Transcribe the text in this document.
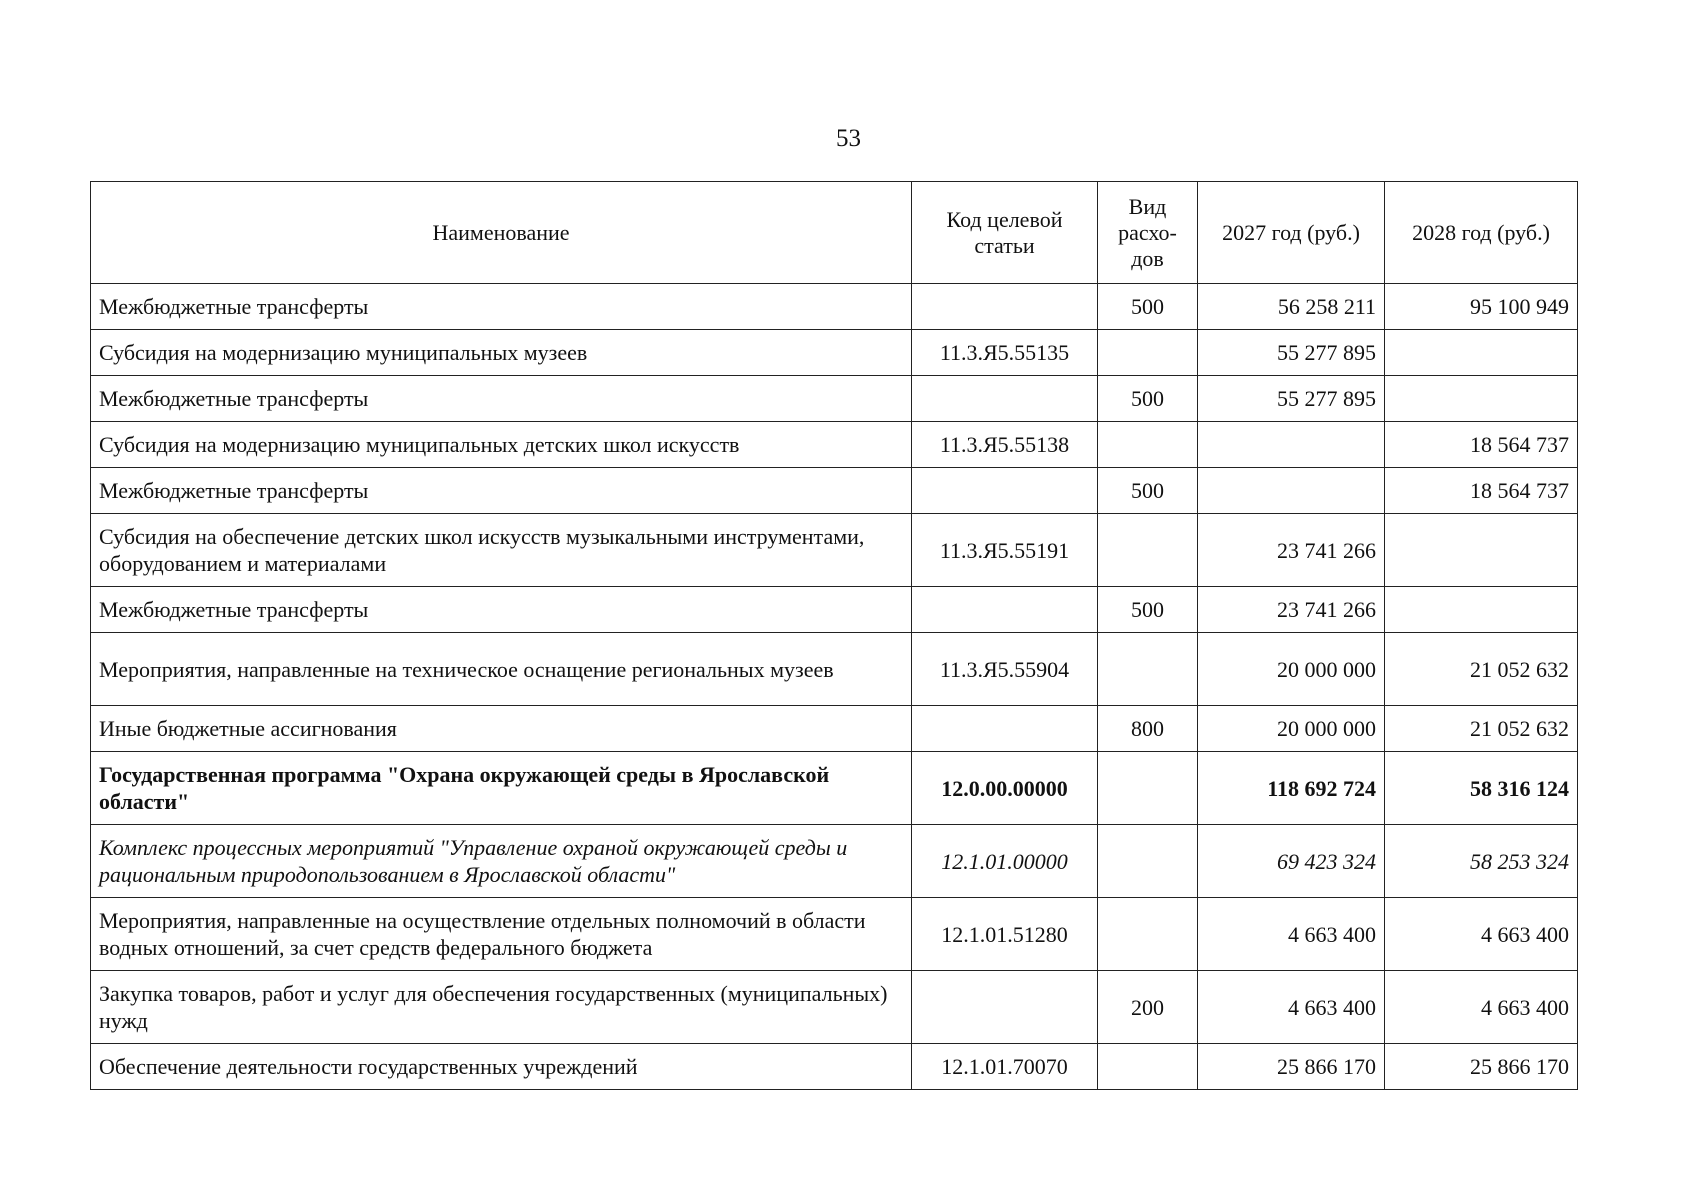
53
Наименование	Код целевой статьи	Вид расхо-дов	2027 год (руб.)	2028 год (руб.)
Межбюджетные трансферты		500	56 258 211	95 100 949
Субсидия на модернизацию муниципальных музеев	11.3.Я5.55135		55 277 895	
Межбюджетные трансферты		500	55 277 895	
Субсидия на модернизацию муниципальных детских школ искусств	11.3.Я5.55138			18 564 737
Межбюджетные трансферты		500		18 564 737
Субсидия на обеспечение детских школ искусств музыкальными инструментами, оборудованием и материалами	11.3.Я5.55191		23 741 266	
Межбюджетные трансферты		500	23 741 266	
Мероприятия, направленные на техническое оснащение региональных музеев	11.3.Я5.55904		20 000 000	21 052 632
Иные бюджетные ассигнования		800	20 000 000	21 052 632
Государственная программа "Охрана окружающей среды в Ярославской области"	12.0.00.00000		118 692 724	58 316 124
Комплекс процессных мероприятий "Управление охраной окружающей среды и рациональным природопользованием в Ярославской области"	12.1.01.00000		69 423 324	58 253 324
Мероприятия, направленные на осуществление отдельных полномочий в области водных отношений, за счет средств федерального бюджета	12.1.01.51280		4 663 400	4 663 400
Закупка товаров, работ и услуг для обеспечения государственных (муниципальных) нужд		200	4 663 400	4 663 400
Обеспечение деятельности государственных учреждений	12.1.01.70070		25 866 170	25 866 170
